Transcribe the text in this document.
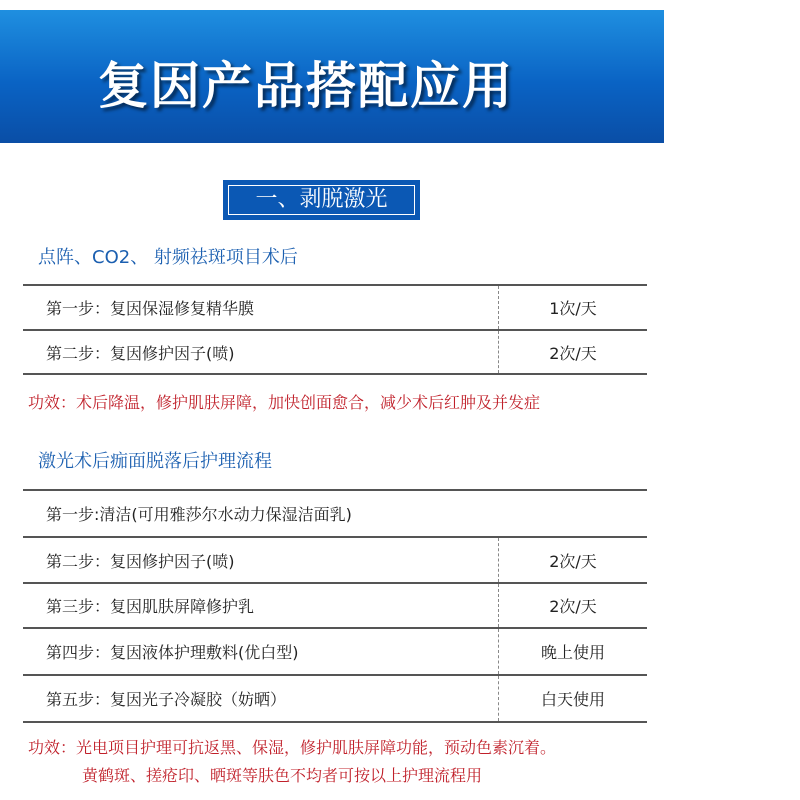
复因产品搭配应用
一、剥脱激光
点阵、CO2、 射频祛斑项目术后
第一步：复因保湿修复精华膜	1次/天
第二步：复因修护因子(喷)	2次/天
功效：术后降温，修护肌肤屏障，加快创面愈合，减少术后红肿及并发症
激光术后痂面脱落后护理流程
第一步:清洁(可用雅莎尔水动力保湿洁面乳)
第二步：复因修护因子(喷)	2次/天
第三步：复因肌肤屏障修护乳	2次/天
第四步：复因液体护理敷料(优白型)	晚上使用
第五步：复因光子冷凝胶（妨晒）	白天使用
功效：光电项目护理可抗返黑、保湿，修护肌肤屏障功能，预动色素沉着。
黄鹤斑、搓疮印、晒斑等肤色不均者可按以上护理流程用
